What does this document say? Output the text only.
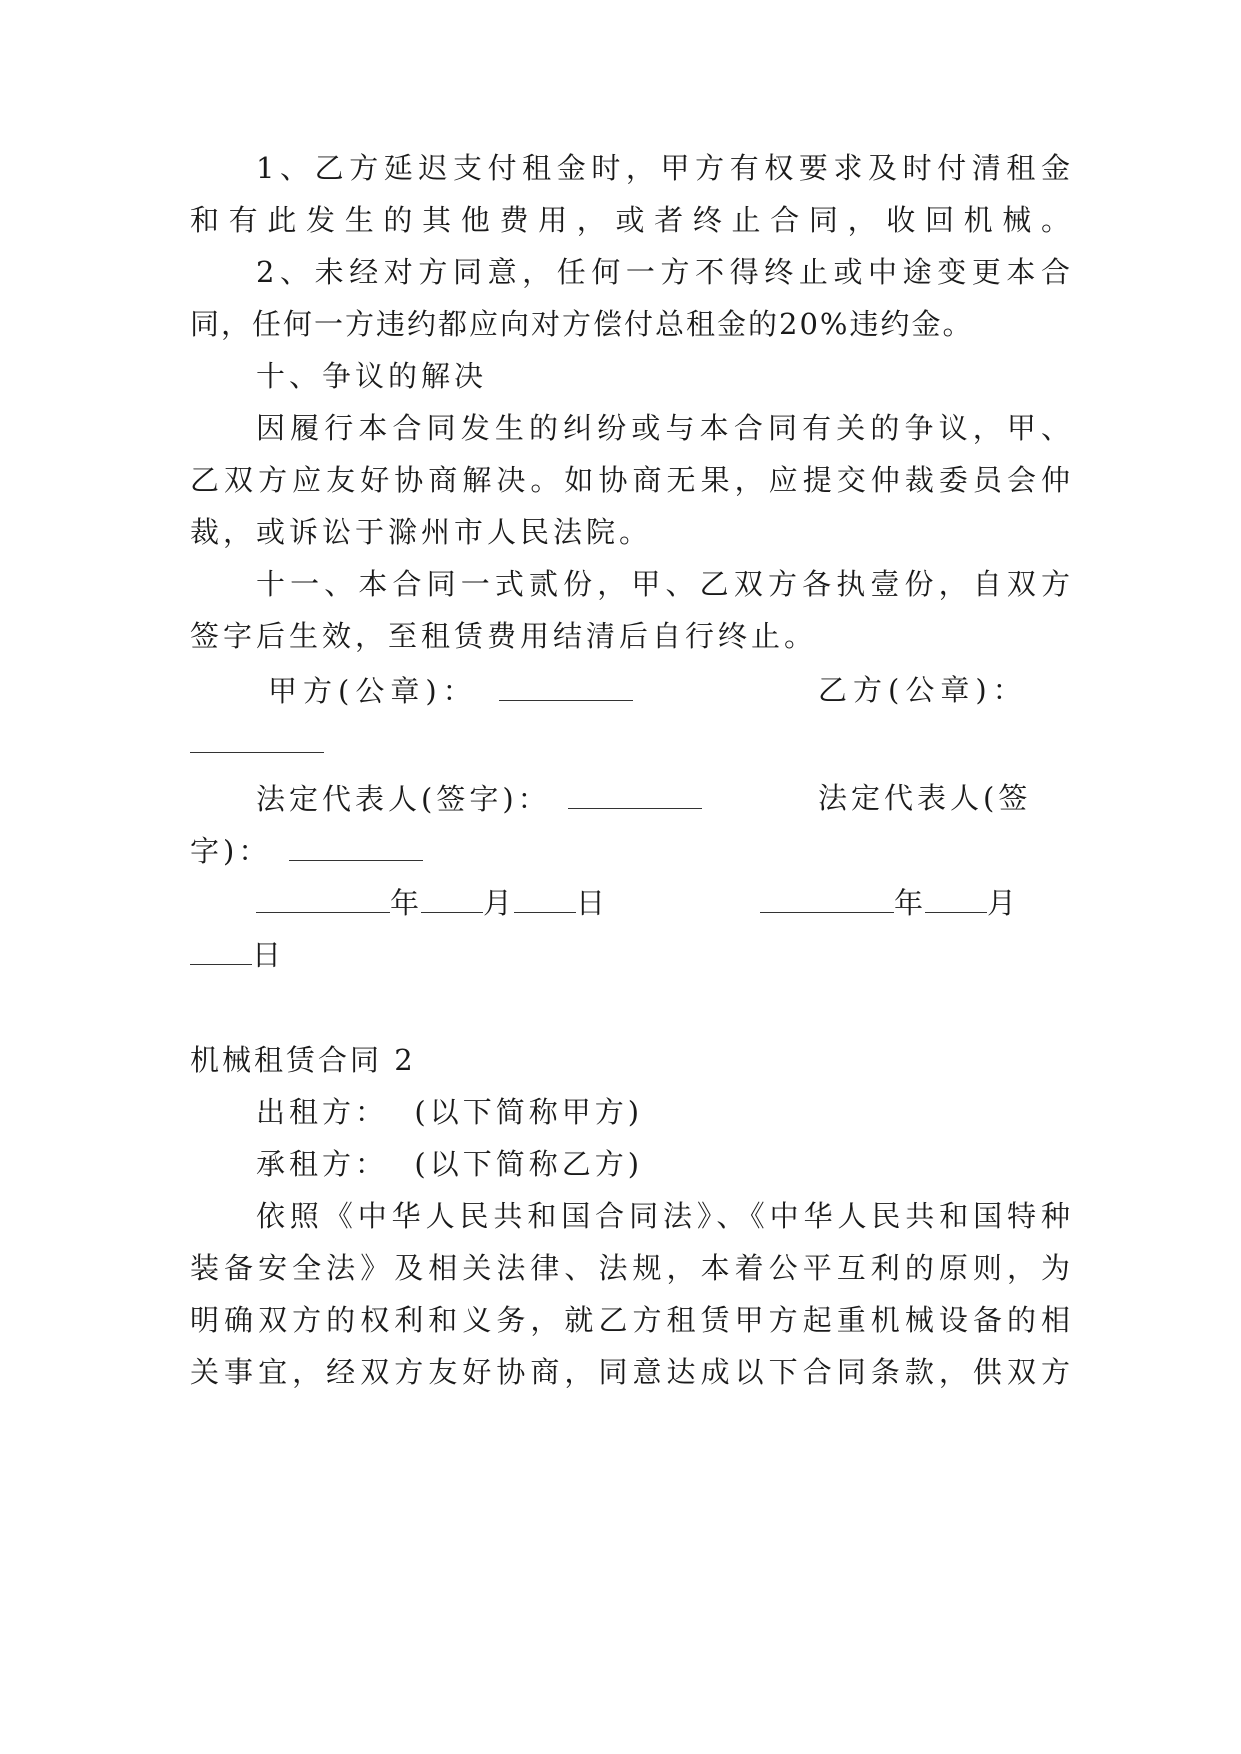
1、乙方延迟支付租金时，甲方有权要求及时付清租金
和有此发生的其他费用，或者终止合同，收回机械。
2、未经对方同意，任何一方不得终止或中途变更本合
同，任何一方违约都应向对方偿付总租金的20%违约金。
十、争议的解决
因履行本合同发生的纠纷或与本合同有关的争议，甲、
乙双方应友好协商解决。如协商无果，应提交仲裁委员会仲
裁，或诉讼于滁州市人民法院。
十一、本合同一式贰份，甲、乙双方各执壹份，自双方
签字后生效，至租赁费用结清后自行终止。
甲方(公章)：	乙方(公章)：
法定代表人(签字)：	法定代表人(签
字)：
年 月 日	年 月
日
机械租赁合同 2
出租方：  (以下简称甲方)
承租方：  (以下简称乙方)
依照《中华人民共和国合同法》、《中华人民共和国特种
装备安全法》及相关法律、法规，本着公平互利的原则，为
明确双方的权利和义务，就乙方租赁甲方起重机械设备的相
关事宜，经双方友好协商，同意达成以下合同条款，供双方
